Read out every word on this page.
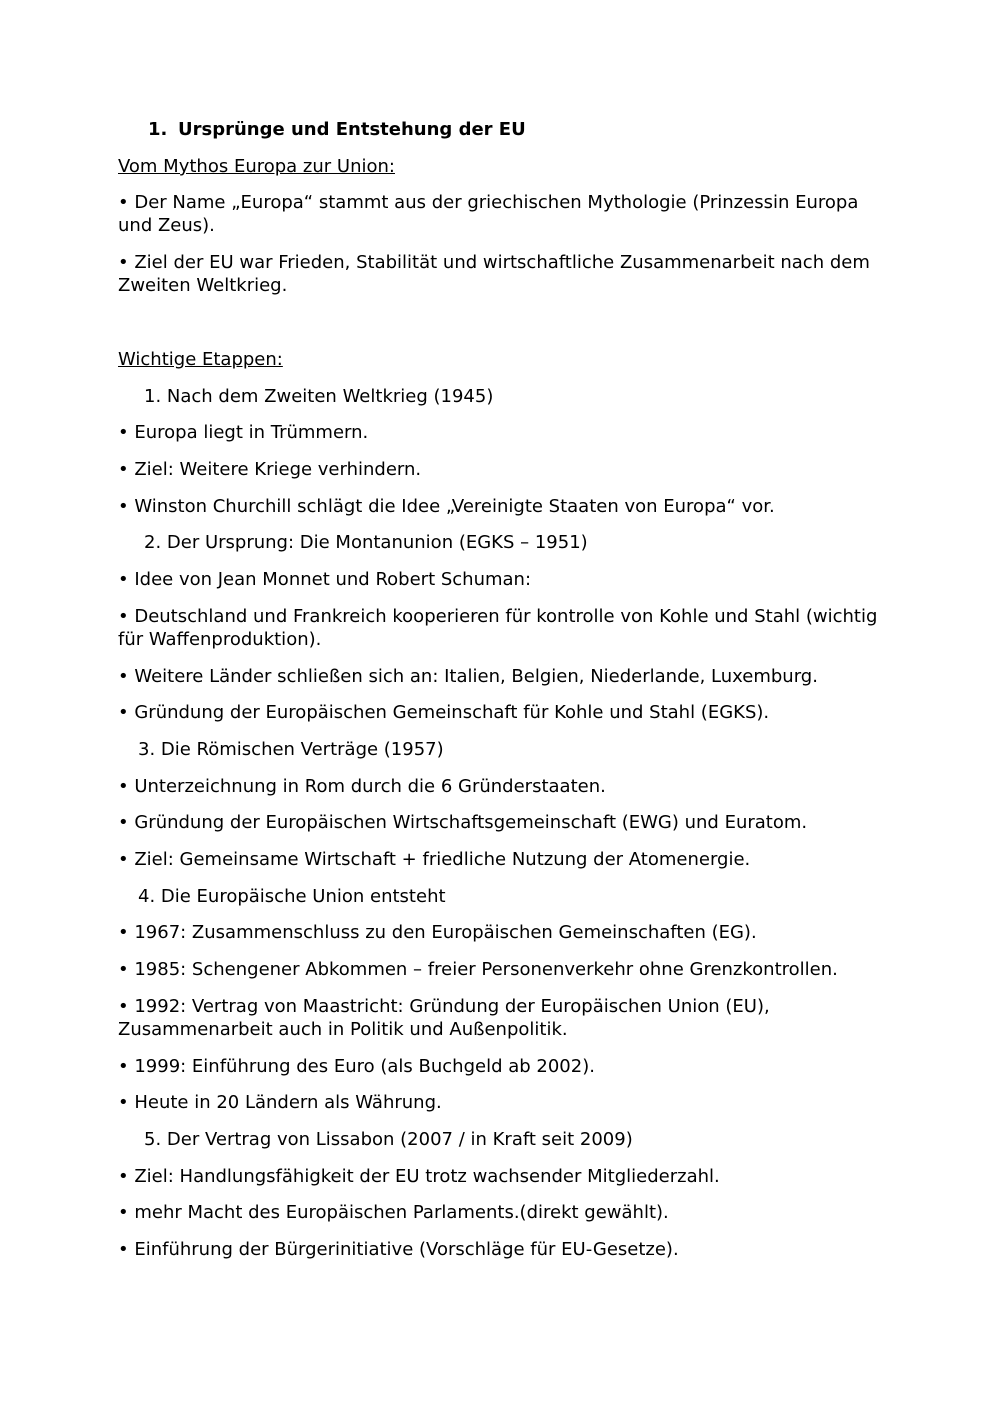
1. Ursprünge und Entstehung der EU
Vom Mythos Europa zur Union:
• Der Name „Europa“ stammt aus der griechischen Mythologie (Prinzessin Europa und Zeus).
• Ziel der EU war Frieden, Stabilität und wirtschaftliche Zusammenarbeit nach dem Zweiten Weltkrieg.
Wichtige Etappen:
1. Nach dem Zweiten Weltkrieg (1945)
• Europa liegt in Trümmern.
• Ziel: Weitere Kriege verhindern.
• Winston Churchill schlägt die Idee „Vereinigte Staaten von Europa“ vor.
2. Der Ursprung: Die Montanunion (EGKS – 1951)
• Idee von Jean Monnet und Robert Schuman:
• Deutschland und Frankreich kooperieren für kontrolle von Kohle und Stahl (wichtig für Waffenproduktion).
• Weitere Länder schließen sich an: Italien, Belgien, Niederlande, Luxemburg.
• Gründung der Europäischen Gemeinschaft für Kohle und Stahl (EGKS).
3. Die Römischen Verträge (1957)
• Unterzeichnung in Rom durch die 6 Gründerstaaten.
• Gründung der Europäischen Wirtschaftsgemeinschaft (EWG) und Euratom.
• Ziel: Gemeinsame Wirtschaft + friedliche Nutzung der Atomenergie.
4. Die Europäische Union entsteht
• 1967: Zusammenschluss zu den Europäischen Gemeinschaften (EG).
• 1985: Schengener Abkommen – freier Personenverkehr ohne Grenzkontrollen.
• 1992: Vertrag von Maastricht: Gründung der Europäischen Union (EU), Zusammenarbeit auch in Politik und Außenpolitik.
• 1999: Einführung des Euro (als Buchgeld ab 2002).
• Heute in 20 Ländern als Währung.
5. Der Vertrag von Lissabon (2007 / in Kraft seit 2009)
• Ziel: Handlungsfähigkeit der EU trotz wachsender Mitgliederzahl.
• mehr Macht des Europäischen Parlaments.(direkt gewählt).
• Einführung der Bürgerinitiative (Vorschläge für EU-Gesetze).
